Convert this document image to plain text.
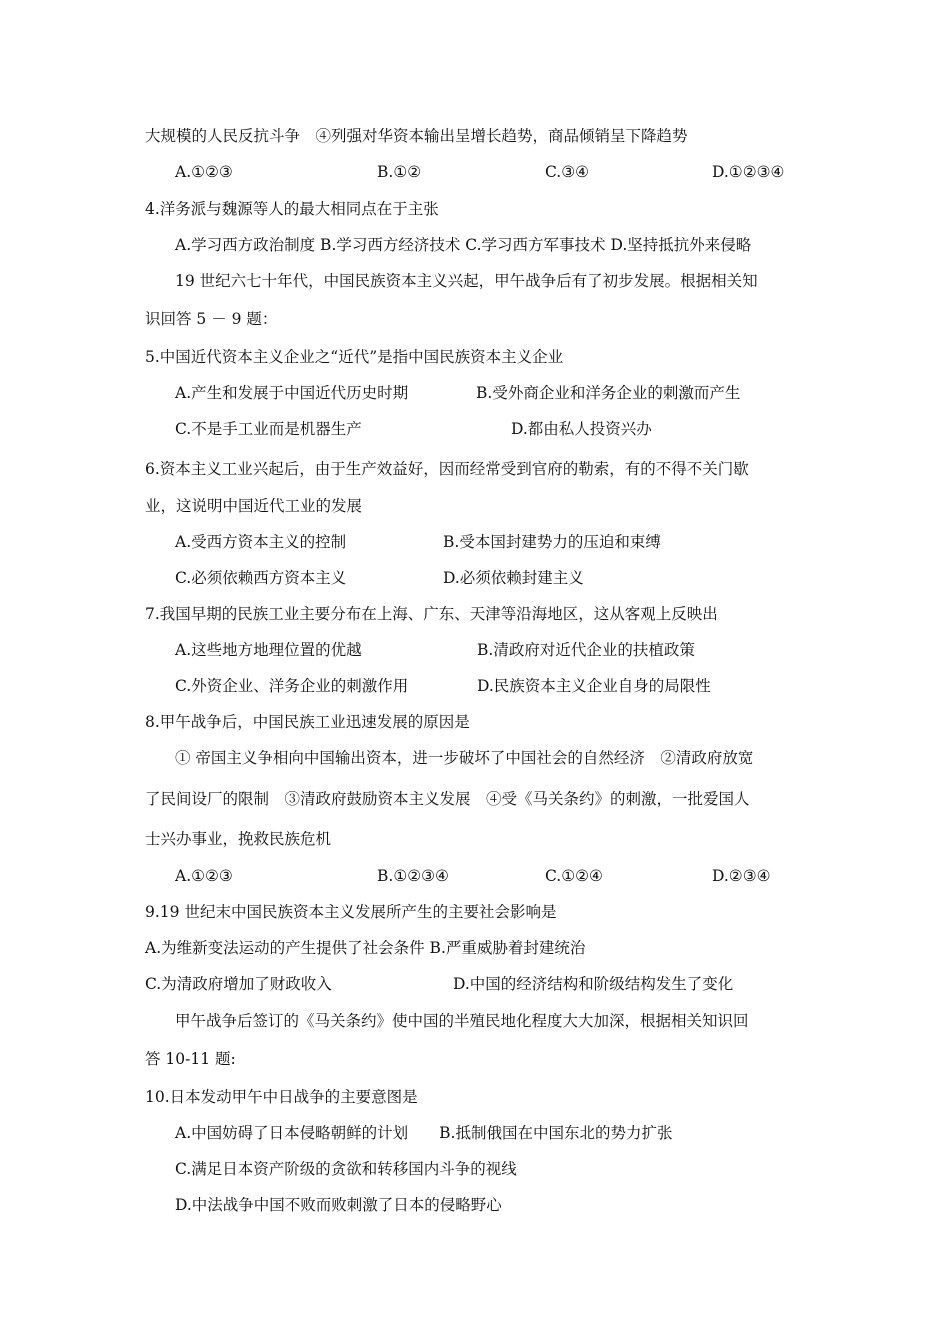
大规模的人民反抗斗争　④列强对华资本输出呈增长趋势，商品倾销呈下降趋势
A.①②③	B.①②	C.③④	D.①②③④
4.洋务派与魏源等人的最大相同点在于主张
A.学习西方政治制度 B.学习西方经济技术 C.学习西方军事技术 D.坚持抵抗外来侵略
19 世纪六七十年代，中国民族资本主义兴起，甲午战争后有了初步发展。根据相关知
识回答 5 － 9 题：
5.中国近代资本主义企业之“近代”是指中国民族资本主义企业
A.产生和发展于中国近代历史时期	B.受外商企业和洋务企业的刺激而产生
C.不是手工业而是机器生产	D.都由私人投资兴办
6.资本主义工业兴起后，由于生产效益好，因而经常受到官府的勒索，有的不得不关门歇
业，这说明中国近代工业的发展
A.受西方资本主义的控制	B.受本国封建势力的压迫和束缚
C.必须依赖西方资本主义	D.必须依赖封建主义
7.我国早期的民族工业主要分布在上海、广东、天津等沿海地区，这从客观上反映出
A.这些地方地理位置的优越	B.清政府对近代企业的扶植政策
C.外资企业、洋务企业的刺激作用	D.民族资本主义企业自身的局限性
8.甲午战争后，中国民族工业迅速发展的原因是
① 帝国主义争相向中国输出资本，进一步破坏了中国社会的自然经济　②清政府放宽
了民间设厂的限制　③清政府鼓励资本主义发展　④受《马关条约》的刺激，一批爱国人
士兴办事业，挽救民族危机
A.①②③	B.①②③④	C.①②④	D.②③④
9.19 世纪末中国民族资本主义发展所产生的主要社会影响是
A.为维新变法运动的产生提供了社会条件 B.严重威胁着封建统治
C.为清政府增加了财政收入	D.中国的经济结构和阶级结构发生了变化
甲午战争后签订的《马关条约》使中国的半殖民地化程度大大加深，根据相关知识回
答 10-11 题:
10.日本发动甲午中日战争的主要意图是
A.中国妨碍了日本侵略朝鲜的计划　　B.抵制俄国在中国东北的势力扩张
C.满足日本资产阶级的贪欲和转移国内斗争的视线
D.中法战争中国不败而败刺激了日本的侵略野心
